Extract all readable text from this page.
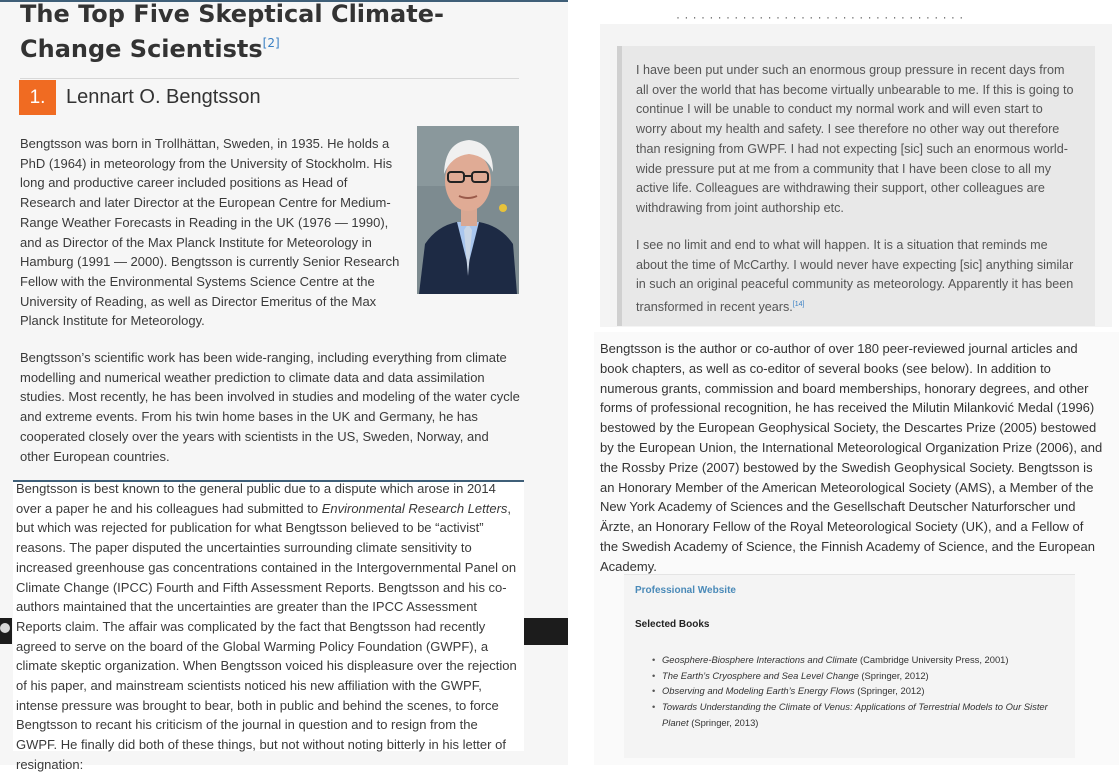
The Top Five Skeptical Climate-Change Scientists[2]
1.	Lennart O. Bengtsson
Bengtsson was born in Trollhättan, Sweden, in 1935. He holds a PhD (1964) in meteorology from the University of Stockholm. His long and productive career included positions as Head of Research and later Director at the European Centre for Medium-Range Weather Forecasts in Reading in the UK (1976 — 1990), and as Director of the Max Planck Institute for Meteorology in Hamburg (1991 — 2000). Bengtsson is currently Senior Research Fellow with the Environmental Systems Science Centre at the University of Reading, as well as Director Emeritus of the Max Planck Institute for Meteorology.
Bengtsson’s scientific work has been wide-ranging, including everything from climate modelling and numerical weather prediction to climate data and data assimilation studies. Most recently, he has been involved in studies and modeling of the water cycle and extreme events. From his twin home bases in the UK and Germany, he has cooperated closely over the years with scientists in the US, Sweden, Norway, and other European countries.
Bengtsson is best known to the general public due to a dispute which arose in 2014 over a paper he and his colleagues had submitted to Environmental Research Letters, but which was rejected for publication for what Bengtsson believed to be “activist” reasons. The paper disputed the uncertainties surrounding climate sensitivity to increased greenhouse gas concentrations contained in the Intergovernmental Panel on Climate Change (IPCC) Fourth and Fifth Assessment Reports. Bengtsson and his co-authors maintained that the uncertainties are greater than the IPCC Assessment Reports claim. The affair was complicated by the fact that Bengtsson had recently agreed to serve on the board of the Global Warming Policy Foundation (GWPF), a climate skeptic organization. When Bengtsson voiced his displeasure over the rejection of his paper, and mainstream scientists noticed his new affiliation with the GWPF, intense pressure was brought to bear, both in public and behind the scenes, to force Bengtsson to recant his criticism of the journal in question and to resign from the GWPF. He finally did both of these things, but not without noting bitterly in his letter of resignation:
· · · · · · · · · · · · · · · · · · · · · · · · · · · · · · · · · · ·
I have been put under such an enormous group pressure in recent days from all over the world that has become virtually unbearable to me. If this is going to continue I will be unable to conduct my normal work and will even start to worry about my health and safety. I see therefore no other way out therefore than resigning from GWPF. I had not expecting [sic] such an enormous world-wide pressure put at me from a community that I have been close to all my active life. Colleagues are withdrawing their support, other colleagues are withdrawing from joint authorship etc.
I see no limit and end to what will happen. It is a situation that reminds me about the time of McCarthy. I would never have expecting [sic] anything similar in such an original peaceful community as meteorology. Apparently it has been transformed in recent years.[14]
Bengtsson is the author or co-author of over 180 peer-reviewed journal articles and book chapters, as well as co-editor of several books (see below). In addition to numerous grants, commission and board memberships, honorary degrees, and other forms of professional recognition, he has received the Milutin Milanković Medal (1996) bestowed by the European Geophysical Society, the Descartes Prize (2005) bestowed by the European Union, the International Meteorological Organization Prize (2006), and the Rossby Prize (2007) bestowed by the Swedish Geophysical Society. Bengtsson is an Honorary Member of the American Meteorological Society (AMS), a Member of the New York Academy of Sciences and the Gesellschaft Deutscher Naturforscher und Ärzte, an Honorary Fellow of the Royal Meteorological Society (UK), and a Fellow of the Swedish Academy of Science, the Finnish Academy of Science, and the European Academy.
Professional Website
Selected Books
• Geosphere-Biosphere Interactions and Climate (Cambridge University Press, 2001)
• The Earth’s Cryosphere and Sea Level Change (Springer, 2012)
• Observing and Modeling Earth’s Energy Flows (Springer, 2012)
• Towards Understanding the Climate of Venus: Applications of Terrestrial Models to Our Sister Planet (Springer, 2013)
